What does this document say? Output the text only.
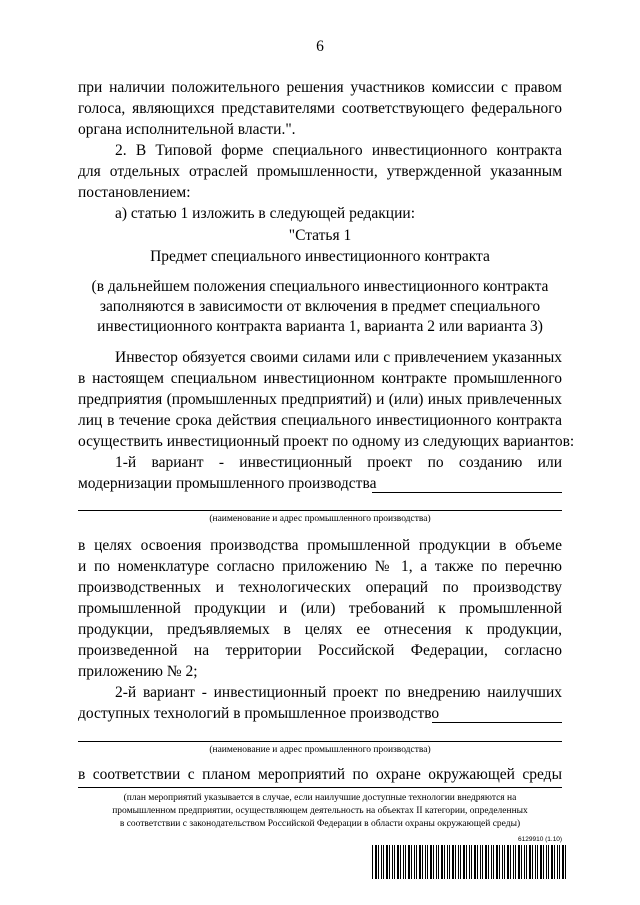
6
при наличии положительного решения участников комиссии с правом
голоса, являющихся представителями соответствующего федерального
органа исполнительной власти.".
2. В Типовой форме специального инвестиционного контракта
для отдельных отраслей промышленности, утвержденной указанным
постановлением:
а) статью 1 изложить в следующей редакции:
"Статья 1
Предмет специального инвестиционного контракта
(в дальнейшем положения специального инвестиционного контракта
заполняются в зависимости от включения в предмет специального
инвестиционного контракта варианта 1, варианта 2 или варианта 3)
Инвестор обязуется своими силами или с привлечением указанных
в настоящем специальном инвестиционном контракте промышленного
предприятия (промышленных предприятий) и (или) иных привлеченных
лиц в течение срока действия специального инвестиционного контракта
осуществить инвестиционный проект по одному из следующих вариантов:
1-й вариант - инвестиционный проект по созданию или
модернизации промышленного производства
(наименование и адрес промышленного производства)
в целях освоения производства промышленной продукции в объеме
и по номенклатуре согласно приложению № 1, а также по перечню
производственных и технологических операций по производству
промышленной продукции и (или) требований к промышленной
продукции, предъявляемых в целях ее отнесения к продукции,
произведенной на территории Российской Федерации, согласно
приложению № 2;
2-й вариант - инвестиционный проект по внедрению наилучших
доступных технологий в промышленное производство
(наименование и адрес промышленного производства)
в соответствии с планом мероприятий по охране окружающей среды
(план мероприятий указывается в случае, если наилучшие доступные технологии внедряются на
промышленном предприятии, осуществляющем деятельность на объектах II категории, определенных
в соответствии с законодательством Российской Федерации в области охраны окружающей среды)
6129910 (1.10)
